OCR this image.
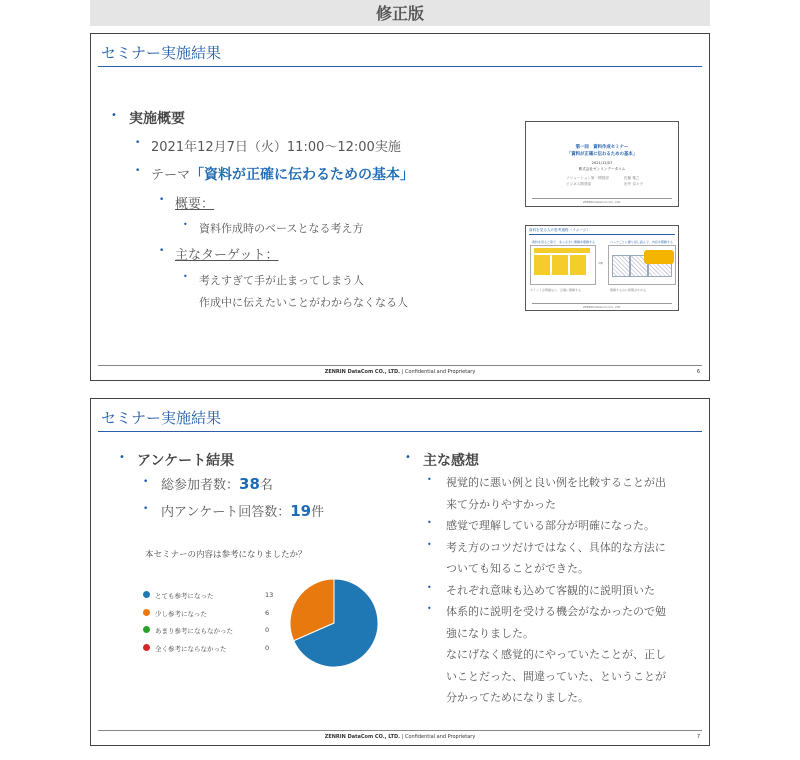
修正版
セミナー実施結果
• 実施概要
• 2021年12月7日（火）11:00～12:00実施
• テーマ「資料が正確に伝わるための基本」
• 概要：
• 資料作成時のベースとなる考え方
• 主なターゲット：
• 考えすぎて手が止まってしまう人
作成中に伝えたいことがわからなくなる人
第一回　資料作成セミナー
「資料が正確に伝わるための基本」
2021/12/07
株式会社ゼンリンデータコム
ソリューション第一開発部	佐藤 雅之
ビジネス開発部	田中 奈々子
ZENRIN DataCom CO., LTD.
資料を見る人の思考過程（イメージ）
資料を見ると質で、まっさきに理解を理解する	パーツごとに繰り返し読んで、内容を理解する
⇒
ポイントが明確なら、正確に理解する	理解するのに時間がかかる
ZENRIN DataCom CO., LTD.
ZENRIN DataCom CO., LTD. | Confidential and Proprietary	6
セミナー実施結果
• アンケート結果
• 総参加者数：38名
• 内アンケート回答数：19件
本セミナーの内容は参考になりましたか？
とても参考になった	13
少し参考になった	6
あまり参考にならなかった	0
全く参考にならなかった	0
• 主な感想
• 視覚的に悪い例と良い例を比較することが出
来て分かりやすかった
• 感覚で理解している部分が明確になった。
• 考え方のコツだけではなく、具体的な方法に
ついても知ることができた。
• それぞれ意味も込めて客観的に説明頂いた
• 体系的に説明を受ける機会がなかったので勉
強になりました。
なにげなく感覚的にやっていたことが、正し
いことだった、間違っていた、ということが
分かってためになりました。
ZENRIN DataCom CO., LTD. | Confidential and Proprietary	7
